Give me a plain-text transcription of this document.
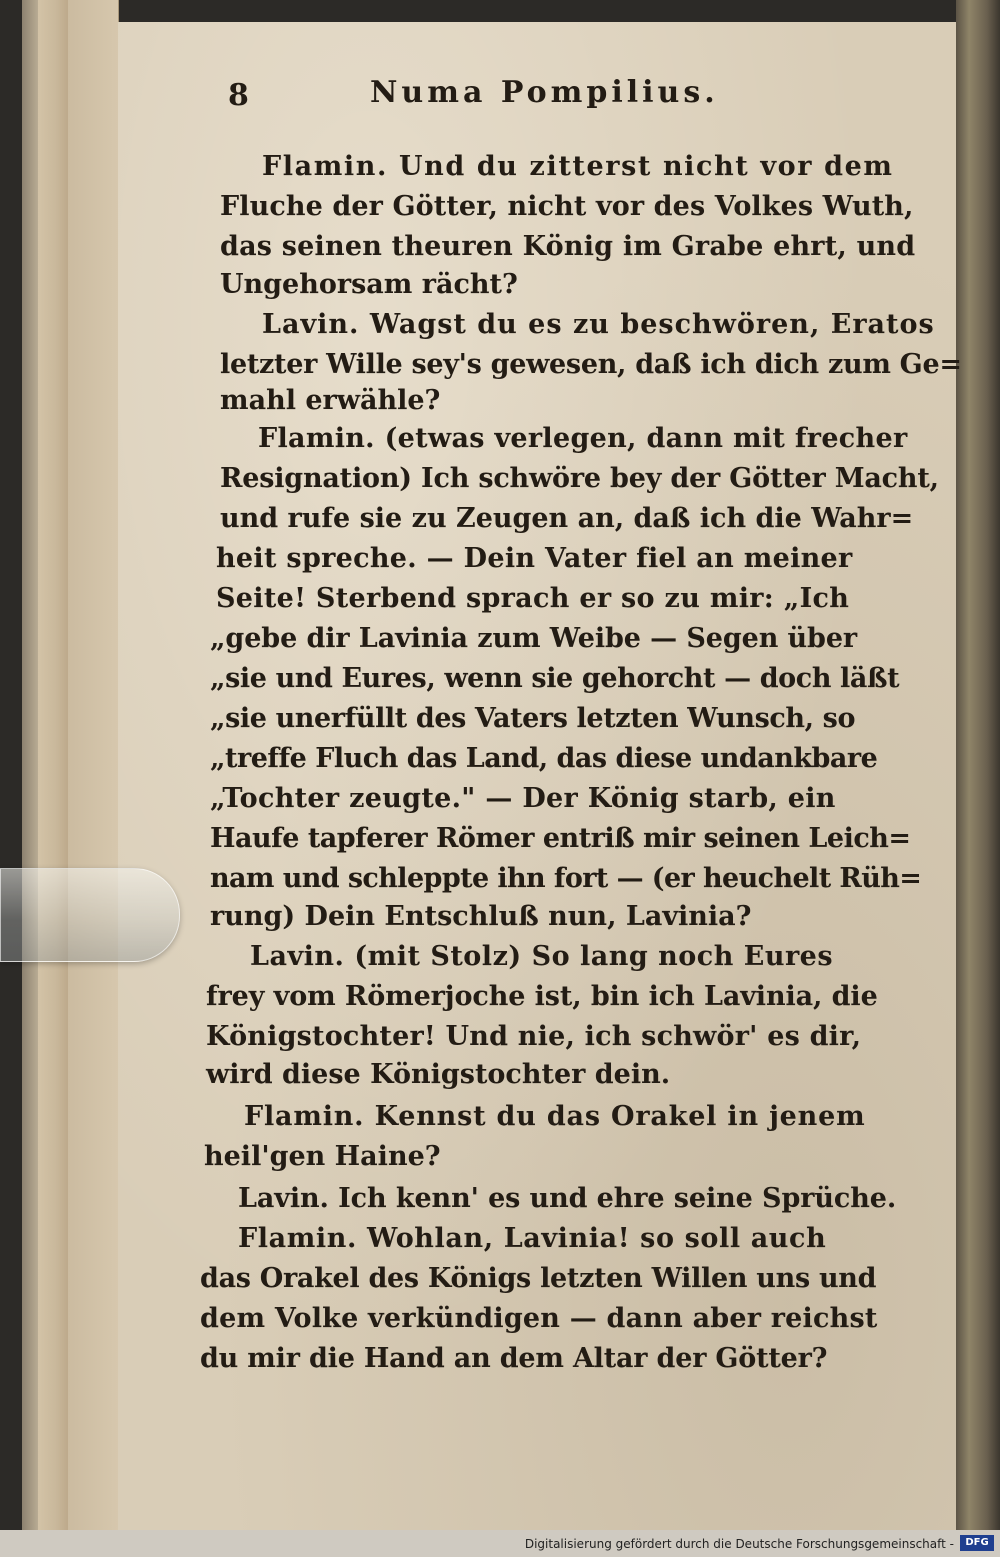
8	Numa Pompilius.

Flamin. Und du zitterst nicht vor dem

Fluche der Götter, nicht vor des Volkes Wuth,

das seinen theuren König im Grabe ehrt, und

Ungehorsam rächt?

Lavin. Wagst du es zu beschwören, Eratos

letzter Wille sey's gewesen, daß ich dich zum Ge=

mahl erwähle?

Flamin. (etwas verlegen, dann mit frecher

Resignation) Ich schwöre bey der Götter Macht,

und rufe sie zu Zeugen an, daß ich die Wahr=

heit spreche. — Dein Vater fiel an meiner

Seite! Sterbend sprach er so zu mir: „Ich

„gebe dir Lavinia zum Weibe — Segen über

„sie und Eures, wenn sie gehorcht — doch läßt

„sie unerfüllt des Vaters letzten Wunsch, so

„treffe Fluch das Land, das diese undankbare

„Tochter zeugte." — Der König starb, ein

Haufe tapferer Römer entriß mir seinen Leich=

nam und schleppte ihn fort — (er heuchelt Rüh=

rung) Dein Entschluß nun, Lavinia?

Lavin. (mit Stolz) So lang noch Eures

frey vom Römerjoche ist, bin ich Lavinia, die

Königstochter! Und nie, ich schwör' es dir,

wird diese Königstochter dein.

Flamin. Kennst du das Orakel in jenem

heil'gen Haine?

Lavin. Ich kenn' es und ehre seine Sprüche.

Flamin. Wohlan, Lavinia! so soll auch

das Orakel des Königs letzten Willen uns und

dem Volke verkündigen — dann aber reichst

du mir die Hand an dem Altar der Götter?

Digitalisierung gefördert durch die Deutsche Forschungsgemeinschaft -	DFG
